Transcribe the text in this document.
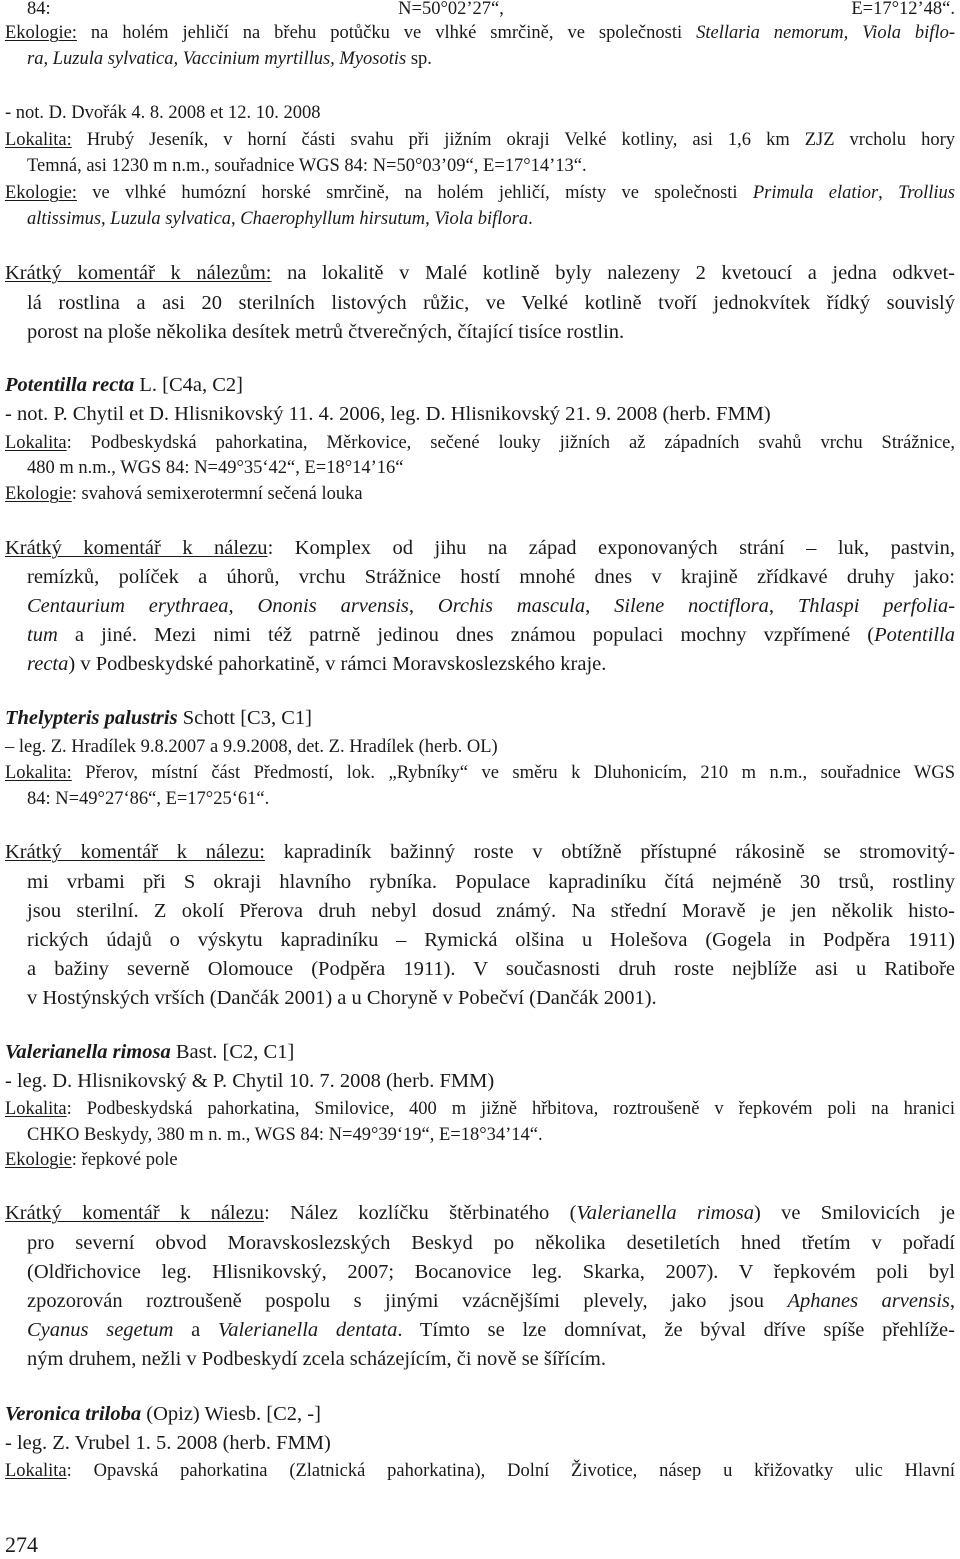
84: N=50°02’27“, E=17°12’48“.
Ekologie: na holém jehličí na břehu potůčku ve vlhké smrčině, ve společnosti Stellaria nemorum, Viola biflo-
ra, Luzula sylvatica, Vaccinium myrtillus, Myosotis sp.
- not. D. Dvořák 4. 8. 2008 et 12. 10. 2008
Lokalita: Hrubý Jeseník, v horní části svahu při jižním okraji Velké kotliny, asi 1,6 km ZJZ vrcholu hory
Temná, asi 1230 m n.m., souřadnice WGS 84: N=50°03’09“, E=17°14’13“.
Ekologie: ve vlhké humózní horské smrčině, na holém jehličí, místy ve společnosti Primula elatior, Trollius
altissimus, Luzula sylvatica, Chaerophyllum hirsutum, Viola biflora.
Krátký komentář k nálezům: na lokalitě v Malé kotlině byly nalezeny 2 kvetoucí a jedna odkvet-
lá rostlina a asi 20 sterilních listových růžic, ve Velké kotlině tvoří jednokvítek řídký souvislý
porost na ploše několika desítek metrů čtverečných, čítající tisíce rostlin.
Potentilla recta L. [C4a, C2]
- not. P. Chytil et D. Hlisnikovský 11. 4. 2006, leg. D. Hlisnikovský 21. 9. 2008 (herb. FMM)
Lokalita: Podbeskydská pahorkatina, Měrkovice, sečené louky jižních až západních svahů vrchu Strážnice,
480 m n.m., WGS 84: N=49°35‘42“, E=18°14’16“
Ekologie: svahová semixerotermní sečená louka
Krátký komentář k nálezu: Komplex od jihu na západ exponovaných strání – luk, pastvin,
remízků, políček a úhorů, vrchu Strážnice hostí mnohé dnes v krajině zřídkavé druhy jako:
Centaurium erythraea, Ononis arvensis, Orchis mascula, Silene noctiflora, Thlaspi perfolia-
tum a jiné. Mezi nimi též patrně jedinou dnes známou populaci mochny vzpřímené (Potentilla
recta) v Podbeskydské pahorkatině, v rámci Moravskoslezského kraje.
Thelypteris palustris Schott [C3, C1]
– leg. Z. Hradílek 9.8.2007 a 9.9.2008, det. Z. Hradílek (herb. OL)
Lokalita: Přerov, místní část Předmostí, lok. „Rybníky“ ve směru k Dluhonicím, 210 m n.m., souřadnice WGS
84: N=49°27‘86“, E=17°25‘61“.
Krátký komentář k nálezu: kapradiník bažinný roste v obtížně přístupné rákosině se stromovitý-
mi vrbami při S okraji hlavního rybníka. Populace kapradiníku čítá nejméně 30 trsů, rostliny
jsou sterilní. Z okolí Přerova druh nebyl dosud známý. Na střední Moravě je jen několik histo-
rických údajů o výskytu kapradiníku – Rymická olšina u Holešova (Gogela in Podpěra 1911)
a bažiny severně Olomouce (Podpěra 1911). V současnosti druh roste nejblíže asi u Ratiboře
v Hostýnských vrších (Dančák 2001) a u Choryně v Pobečví (Dančák 2001).
Valerianella rimosa Bast. [C2, C1]
- leg. D. Hlisnikovský & P. Chytil 10. 7. 2008 (herb. FMM)
Lokalita: Podbeskydská pahorkatina, Smilovice, 400 m jižně hřbitova, roztroušeně v řepkovém poli na hranici
CHKO Beskydy, 380 m n. m., WGS 84: N=49°39‘19“, E=18°34’14“.
Ekologie: řepkové pole
Krátký komentář k nálezu: Nález kozlíčku štěrbinatého (Valerianella rimosa) ve Smilovicích je
pro severní obvod Moravskoslezských Beskyd po několika desetiletích hned třetím v pořadí
(Oldřichovice leg. Hlisnikovský, 2007; Bocanovice leg. Skarka, 2007). V řepkovém poli byl
zpozorován roztroušeně pospolu s jinými vzácnějšími plevely, jako jsou Aphanes arvensis,
Cyanus segetum a Valerianella dentata. Tímto se lze domnívat, že býval dříve spíše přehlíže-
ným druhem, nežli v Podbeskydí zcela scházejícím, či nově se šířícím.
Veronica triloba (Opiz) Wiesb. [C2, -]
- leg. Z. Vrubel 1. 5. 2008 (herb. FMM)
Lokalita: Opavská pahorkatina (Zlatnická pahorkatina), Dolní Životice, násep u křižovatky ulic Hlavní
274
